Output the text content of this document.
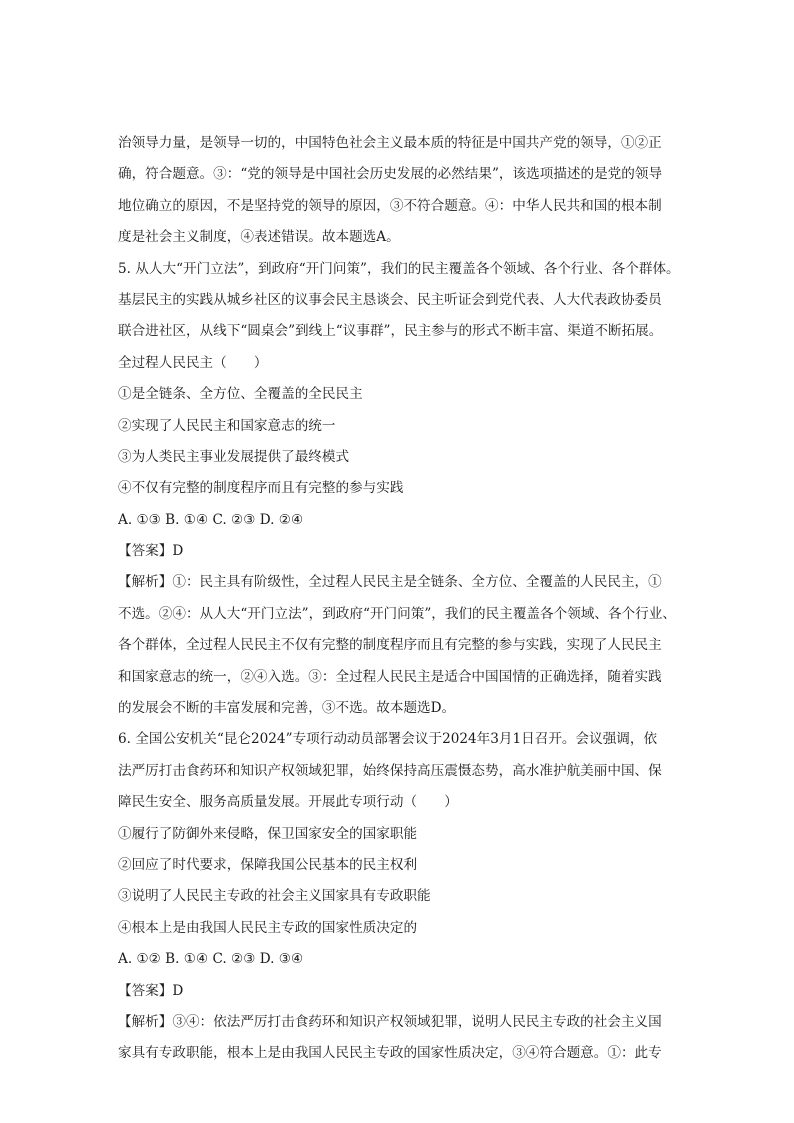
治领导力量，是领导一切的，中国特色社会主义最本质的特征是中国共产党的领导，①②正
确，符合题意。③：“党的领导是中国社会历史发展的必然结果”，该选项描述的是党的领导
地位确立的原因，不是坚持党的领导的原因，③不符合题意。④：中华人民共和国的根本制
度是社会主义制度，④表述错误。故本题选A。
5. 从人大“开门立法”，到政府“开门问策”，我们的民主覆盖各个领域、各个行业、各个群体。
基层民主的实践从城乡社区的议事会民主恳谈会、民主听证会到党代表、人大代表政协委员
联合进社区，从线下“圆桌会”到线上“议事群”，民主参与的形式不断丰富、渠道不断拓展。
全过程人民民主（　　）
①是全链条、全方位、全覆盖的全民民主
②实现了人民民主和国家意志的统一
③为人类民主事业发展提供了最终模式
④不仅有完整的制度程序而且有完整的参与实践
A. ①③ B. ①④ C. ②③ D. ②④
【答案】D
【解析】①：民主具有阶级性，全过程人民民主是全链条、全方位、全覆盖的人民民主，①
不选。②④：从人大“开门立法”，到政府“开门问策”，我们的民主覆盖各个领域、各个行业、
各个群体，全过程人民民主不仅有完整的制度程序而且有完整的参与实践，实现了人民民主
和国家意志的统一，②④入选。③：全过程人民民主是适合中国国情的正确选择，随着实践
的发展会不断的丰富发展和完善，③不选。故本题选D。
6. 全国公安机关“昆仑2024”专项行动动员部署会议于2024年3月1日召开。会议强调，依
法严厉打击食药环和知识产权领域犯罪，始终保持高压震慑态势，高水准护航美丽中国、保
障民生安全、服务高质量发展。开展此专项行动（　　）
①履行了防御外来侵略，保卫国家安全的国家职能
②回应了时代要求，保障我国公民基本的民主权利
③说明了人民民主专政的社会主义国家具有专政职能
④根本上是由我国人民民主专政的国家性质决定的
A. ①② B. ①④ C. ②③ D. ③④
【答案】D
【解析】③④：依法严厉打击食药环和知识产权领域犯罪，说明人民民主专政的社会主义国
家具有专政职能，根本上是由我国人民民主专政的国家性质决定，③④符合题意。①：此专
